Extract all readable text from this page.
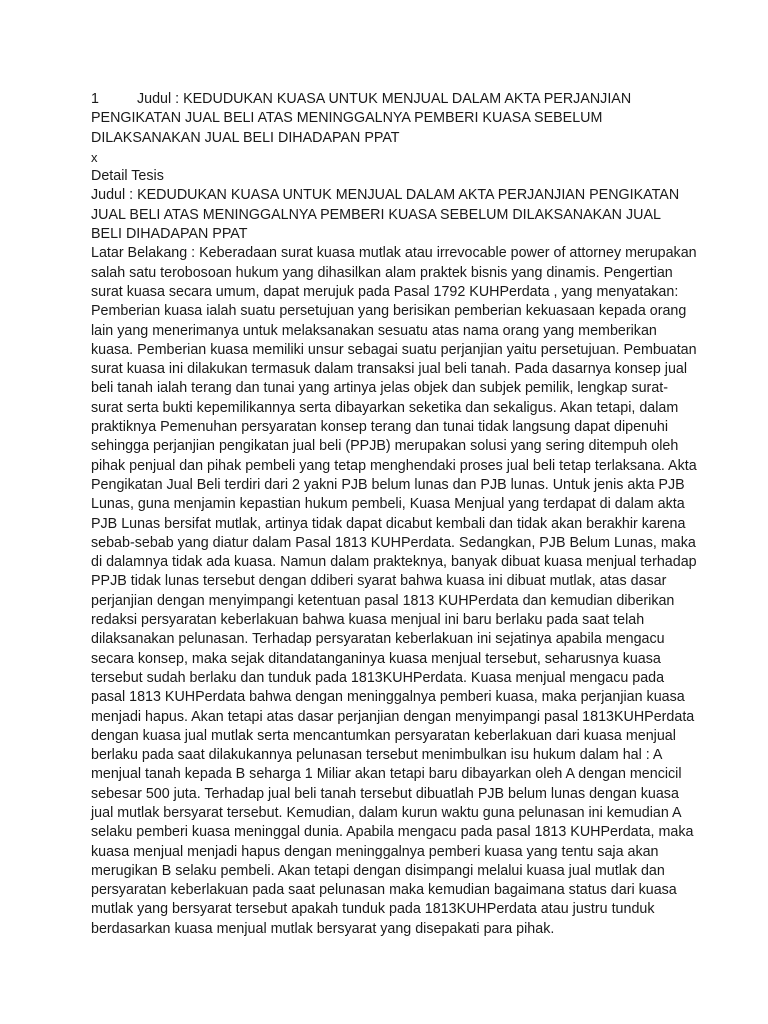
1	Judul : KEDUDUKAN KUASA UNTUK MENJUAL DALAM AKTA PERJANJIAN

PENGIKATAN JUAL BELI ATAS MENINGGALNYA PEMBERI KUASA SEBELUM

DILAKSANAKAN JUAL BELI DIHADAPAN PPAT

x

Detail Tesis

Judul : KEDUDUKAN KUASA UNTUK MENJUAL DALAM AKTA PERJANJIAN PENGIKATAN

JUAL BELI ATAS MENINGGALNYA PEMBERI KUASA SEBELUM DILAKSANAKAN JUAL

BELI DIHADAPAN PPAT

Latar Belakang : Keberadaan surat kuasa mutlak atau irrevocable power of attorney merupakan

salah satu terobosoan hukum yang dihasilkan alam praktek bisnis yang dinamis. Pengertian

surat kuasa secara umum, dapat merujuk pada Pasal 1792 KUHPerdata , yang menyatakan:

Pemberian kuasa ialah suatu persetujuan yang berisikan pemberian kekuasaan kepada orang

lain yang menerimanya untuk melaksanakan sesuatu atas nama orang yang memberikan

kuasa. Pemberian kuasa memiliki unsur sebagai suatu perjanjian yaitu persetujuan. Pembuatan

surat kuasa ini dilakukan termasuk dalam transaksi jual beli tanah. Pada dasarnya konsep jual

beli tanah ialah terang dan tunai yang artinya jelas objek dan subjek pemilik, lengkap surat-

surat serta bukti kepemilikannya serta dibayarkan seketika dan sekaligus. Akan tetapi, dalam

praktiknya Pemenuhan persyaratan konsep terang dan tunai tidak langsung dapat dipenuhi

sehingga perjanjian pengikatan jual beli (PPJB) merupakan solusi yang sering ditempuh oleh

pihak penjual dan pihak pembeli yang tetap menghendaki proses jual beli tetap terlaksana. Akta

Pengikatan Jual Beli terdiri dari 2 yakni PJB belum lunas dan PJB lunas. Untuk jenis akta PJB

Lunas, guna menjamin kepastian hukum pembeli, Kuasa Menjual yang terdapat di dalam akta

PJB Lunas bersifat mutlak, artinya tidak dapat dicabut kembali dan tidak akan berakhir karena

sebab-sebab yang diatur dalam Pasal 1813 KUHPerdata. Sedangkan, PJB Belum Lunas, maka

di dalamnya tidak ada kuasa. Namun dalam prakteknya, banyak dibuat kuasa menjual terhadap

PPJB tidak lunas tersebut dengan ddiberi syarat bahwa kuasa ini dibuat mutlak, atas dasar

perjanjian dengan menyimpangi ketentuan pasal 1813 KUHPerdata dan kemudian diberikan

redaksi persyaratan keberlakuan bahwa kuasa menjual ini baru berlaku pada saat telah

dilaksanakan pelunasan. Terhadap persyaratan keberlakuan ini sejatinya apabila mengacu

secara konsep, maka sejak ditandatanganinya kuasa menjual tersebut, seharusnya kuasa

tersebut sudah berlaku dan tunduk pada 1813KUHPerdata. Kuasa menjual mengacu pada

pasal 1813 KUHPerdata bahwa dengan meninggalnya pemberi kuasa, maka perjanjian kuasa

menjadi hapus. Akan tetapi atas dasar perjanjian dengan menyimpangi pasal 1813KUHPerdata

dengan kuasa jual mutlak serta mencantumkan persyaratan keberlakuan dari kuasa menjual

berlaku pada saat dilakukannya pelunasan tersebut menimbulkan isu hukum dalam hal : A

menjual tanah kepada B seharga 1 Miliar akan tetapi baru dibayarkan oleh A dengan mencicil

sebesar 500 juta. Terhadap jual beli tanah tersebut dibuatlah PJB belum lunas dengan kuasa

jual mutlak bersyarat tersebut. Kemudian, dalam kurun waktu guna pelunasan ini kemudian A

selaku pemberi kuasa meninggal dunia. Apabila mengacu pada pasal 1813 KUHPerdata, maka

kuasa menjual menjadi hapus dengan meninggalnya pemberi kuasa yang tentu saja akan

merugikan B selaku pembeli. Akan tetapi dengan disimpangi melalui kuasa jual mutlak dan

persyaratan keberlakuan pada saat pelunasan maka kemudian bagaimana status dari kuasa

mutlak yang bersyarat tersebut apakah tunduk pada 1813KUHPerdata atau justru tunduk

berdasarkan kuasa menjual mutlak bersyarat yang disepakati para pihak.
